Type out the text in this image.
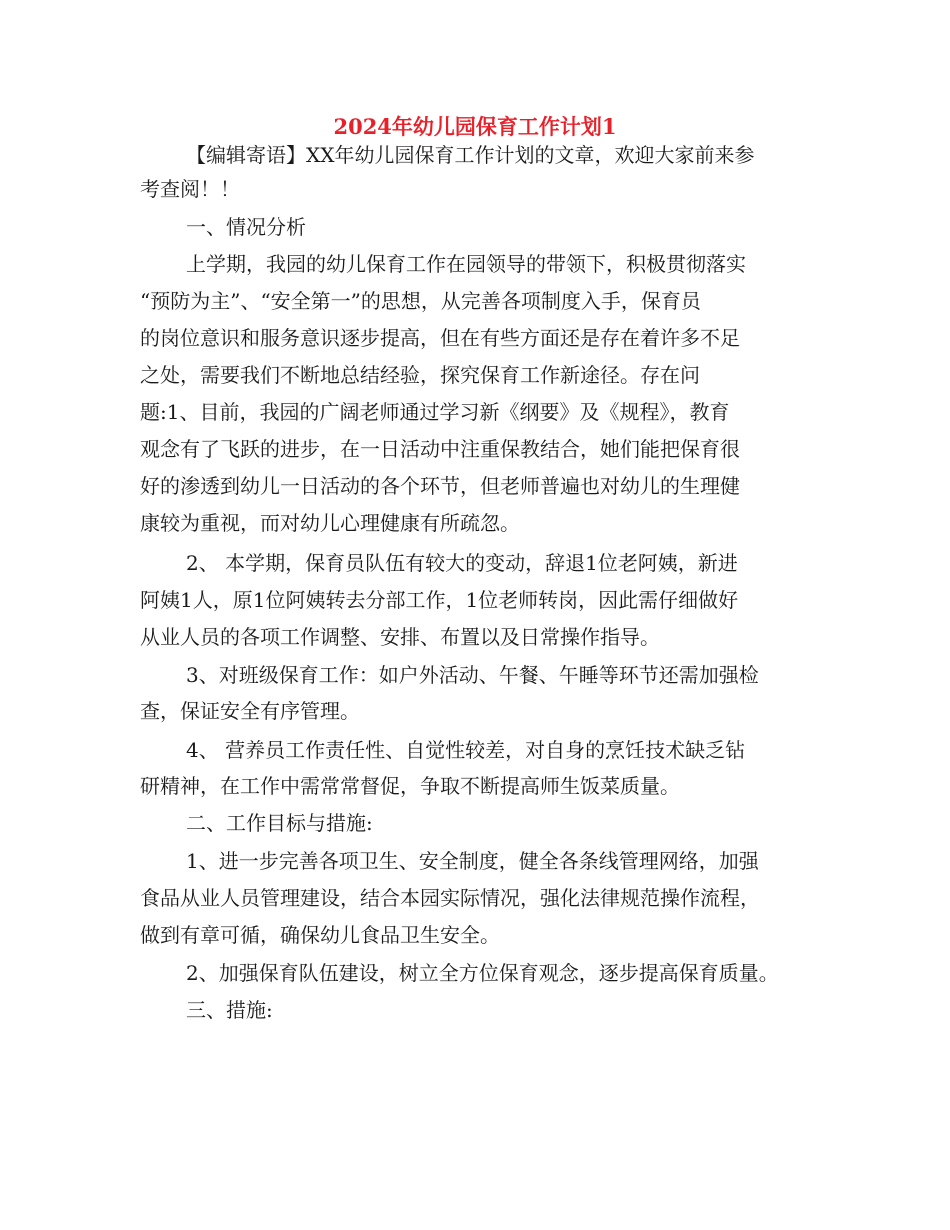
2024年幼儿园保育工作计划1
【编辑寄语】XX年幼儿园保育工作计划的文章，欢迎大家前来参
考查阅！！
一、情况分析
上学期，我园的幼儿保育工作在园领导的带领下，积极贯彻落实
“预防为主”、“安全第一”的思想，从完善各项制度入手，保育员
的岗位意识和服务意识逐步提高，但在有些方面还是存在着许多不足
之处，需要我们不断地总结经验，探究保育工作新途径。存在问
题:1、目前，我园的广阔老师通过学习新《纲要》及《规程》，教育
观念有了飞跃的进步，在一日活动中注重保教结合，她们能把保育很
好的渗透到幼儿一日活动的各个环节，但老师普遍也对幼儿的生理健
康较为重视，而对幼儿心理健康有所疏忽。
2、 本学期，保育员队伍有较大的变动，辞退1位老阿姨，新进
阿姨1人，原1位阿姨转去分部工作，1位老师转岗，因此需仔细做好
从业人员的各项工作调整、安排、布置以及日常操作指导。
3、对班级保育工作：如户外活动、午餐、午睡等环节还需加强检
查，保证安全有序管理。
4、 营养员工作责任性、自觉性较差，对自身的烹饪技术缺乏钻
研精神，在工作中需常常督促，争取不断提高师生饭菜质量。
二、工作目标与措施:
1、进一步完善各项卫生、安全制度，健全各条线管理网络，加强
食品从业人员管理建设，结合本园实际情况，强化法律规范操作流程，
做到有章可循，确保幼儿食品卫生安全。
2、加强保育队伍建设，树立全方位保育观念，逐步提高保育质量。
三、措施:
